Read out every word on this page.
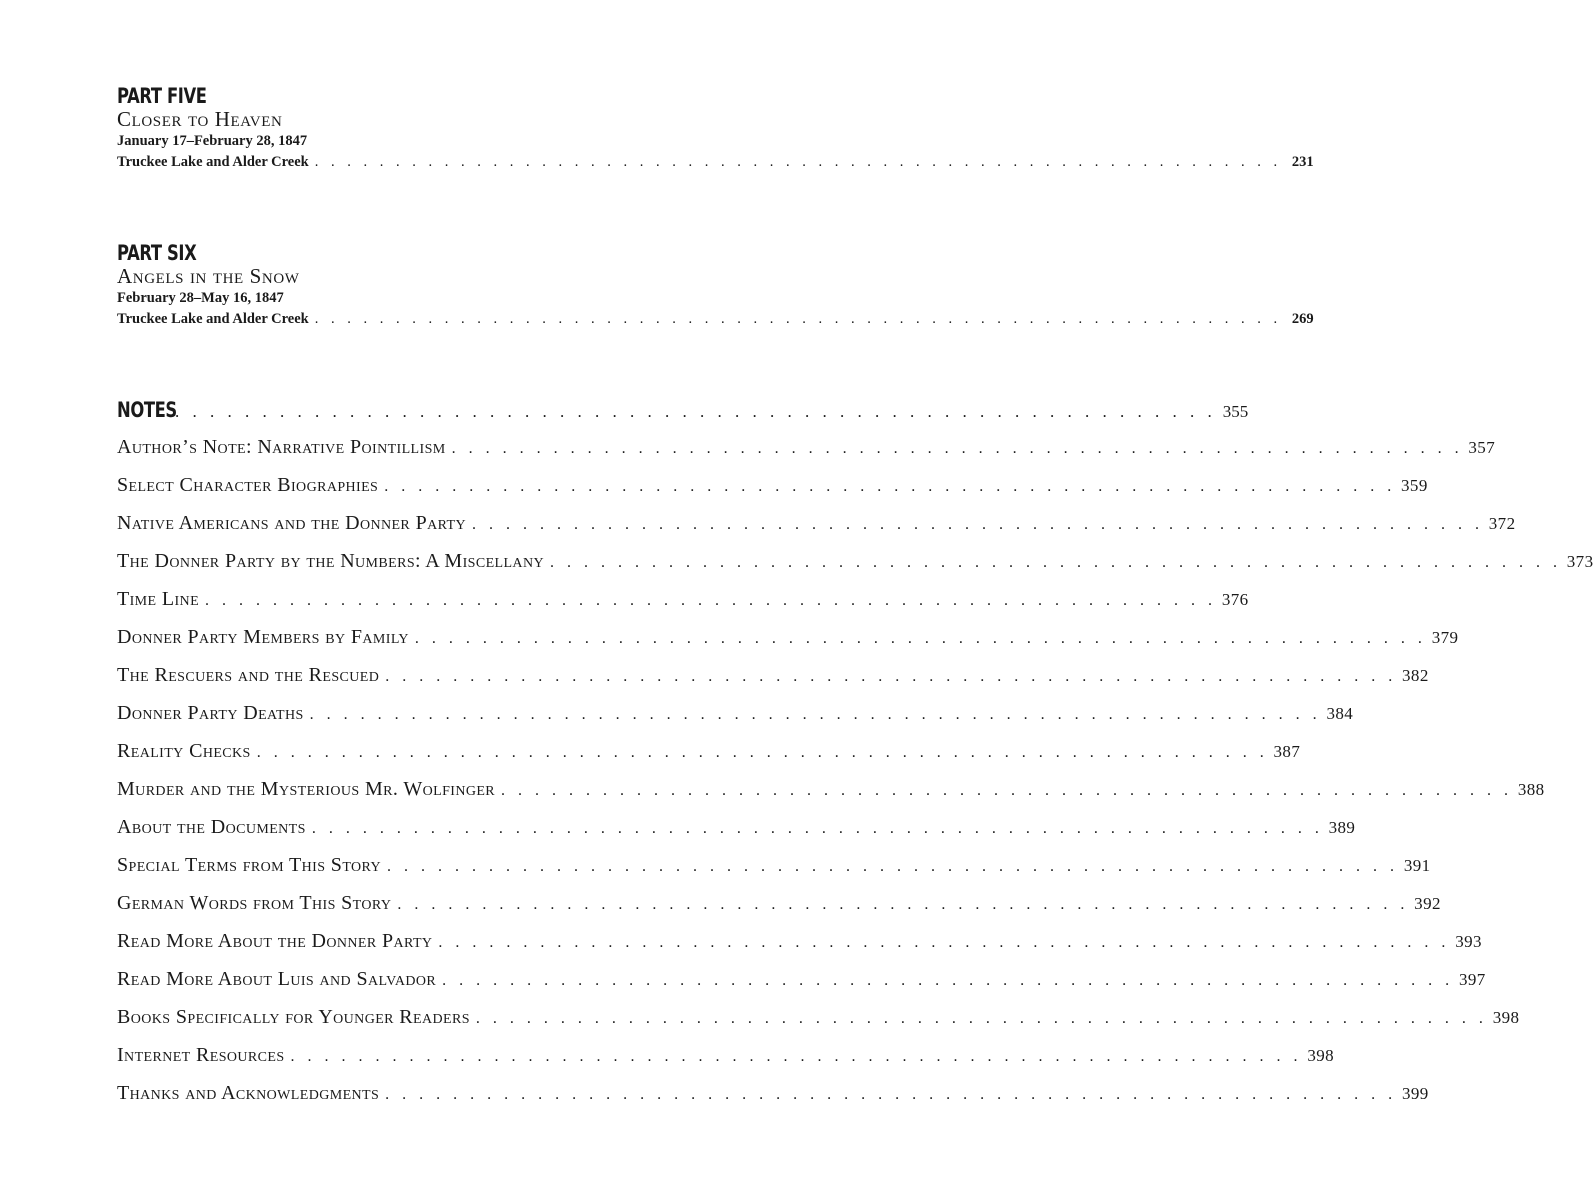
PART FIVE
Closer to Heaven
January 17–February 28, 1847
Truckee Lake and Alder Creek . . . . . . . . . . . . . . . . . . . . . . . . . . . . . . . . . . . . . . . . . . . . . . . . . . . . . . . . . . . . 231
PART SIX
Angels in the Snow
February 28–May 16, 1847
Truckee Lake and Alder Creek . . . . . . . . . . . . . . . . . . . . . . . . . . . . . . . . . . . . . . . . . . . . . . . . . . . . . . . . . . . . 269
NOTES
. . . . . . . . . . . . . . . . . . . . . . . . . . . . . . . . . . . . . . . . . . . . . . . . . . . . . . . . . . . . 355
Author’s Note: Narrative Pointillism . . . . . . . . . . . . . . . . . . . . . . . . . . . . . . . . . . . . . . . . . . . . . . . . . . . . . . . . . . . . 357
Select Character Biographies . . . . . . . . . . . . . . . . . . . . . . . . . . . . . . . . . . . . . . . . . . . . . . . . . . . . . . . . . . . . 359
Native Americans and the Donner Party . . . . . . . . . . . . . . . . . . . . . . . . . . . . . . . . . . . . . . . . . . . . . . . . . . . . . . . . . . . . 372
The Donner Party by the Numbers: A Miscellany . . . . . . . . . . . . . . . . . . . . . . . . . . . . . . . . . . . . . . . . . . . . . . . . . . . . . . . . . . . . 373
Time Line . . . . . . . . . . . . . . . . . . . . . . . . . . . . . . . . . . . . . . . . . . . . . . . . . . . . . . . . . . . . 376
Donner Party Members by Family . . . . . . . . . . . . . . . . . . . . . . . . . . . . . . . . . . . . . . . . . . . . . . . . . . . . . . . . . . . . 379
The Rescuers and the Rescued . . . . . . . . . . . . . . . . . . . . . . . . . . . . . . . . . . . . . . . . . . . . . . . . . . . . . . . . . . . . 382
Donner Party Deaths . . . . . . . . . . . . . . . . . . . . . . . . . . . . . . . . . . . . . . . . . . . . . . . . . . . . . . . . . . . . 384
Reality Checks . . . . . . . . . . . . . . . . . . . . . . . . . . . . . . . . . . . . . . . . . . . . . . . . . . . . . . . . . . . . 387
Murder and the Mysterious Mr. Wolfinger . . . . . . . . . . . . . . . . . . . . . . . . . . . . . . . . . . . . . . . . . . . . . . . . . . . . . . . . . . . . 388
About the Documents . . . . . . . . . . . . . . . . . . . . . . . . . . . . . . . . . . . . . . . . . . . . . . . . . . . . . . . . . . . . 389
Special Terms from This Story . . . . . . . . . . . . . . . . . . . . . . . . . . . . . . . . . . . . . . . . . . . . . . . . . . . . . . . . . . . . 391
German Words from This Story . . . . . . . . . . . . . . . . . . . . . . . . . . . . . . . . . . . . . . . . . . . . . . . . . . . . . . . . . . . . 392
Read More About the Donner Party . . . . . . . . . . . . . . . . . . . . . . . . . . . . . . . . . . . . . . . . . . . . . . . . . . . . . . . . . . . . 393
Read More About Luis and Salvador . . . . . . . . . . . . . . . . . . . . . . . . . . . . . . . . . . . . . . . . . . . . . . . . . . . . . . . . . . . . 397
Books Specifically for Younger Readers . . . . . . . . . . . . . . . . . . . . . . . . . . . . . . . . . . . . . . . . . . . . . . . . . . . . . . . . . . . . 398
Internet Resources . . . . . . . . . . . . . . . . . . . . . . . . . . . . . . . . . . . . . . . . . . . . . . . . . . . . . . . . . . . . 398
Thanks and Acknowledgments . . . . . . . . . . . . . . . . . . . . . . . . . . . . . . . . . . . . . . . . . . . . . . . . . . . . . . . . . . . . 399
